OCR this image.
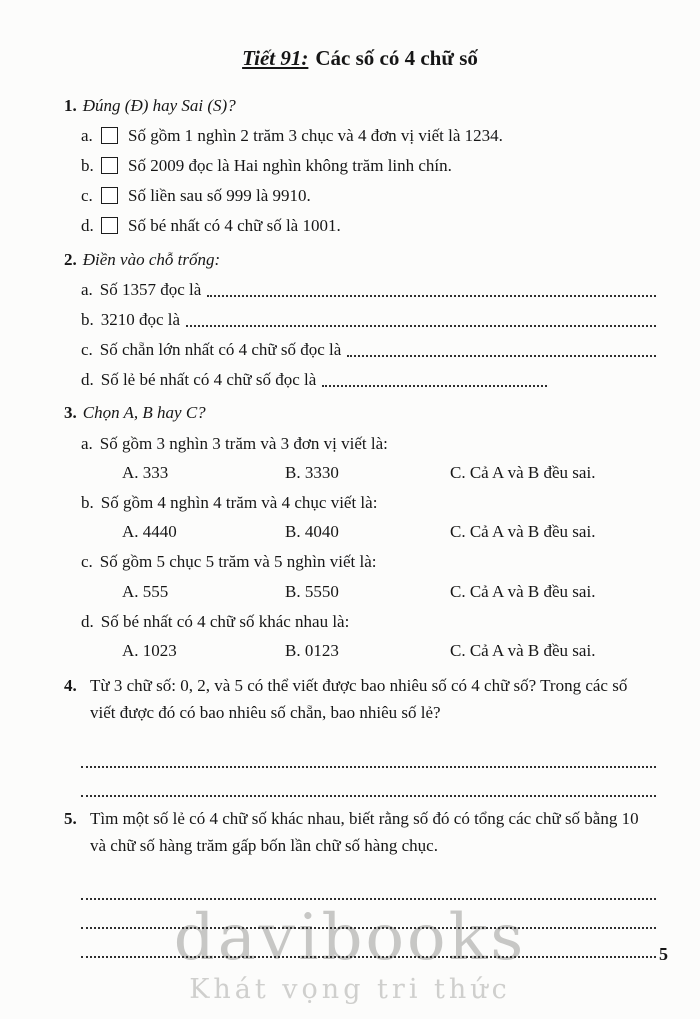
Tiết 91: Các số có 4 chữ số
1. Đúng (Đ) hay Sai (S)?
a.	Số gồm 1 nghìn 2 trăm 3 chục và 4 đơn vị viết là 1234.
b.	Số 2009 đọc là Hai nghìn không trăm linh chín.
c.	Số liền sau số 999 là 9910.
d.	Số bé nhất có 4 chữ số là 1001.
2. Điền vào chỗ trống:
a. Số 1357 đọc là
b. 3210 đọc là
c. Số chẵn lớn nhất có 4 chữ số đọc là
d. Số lẻ bé nhất có 4 chữ số đọc là
3. Chọn A, B hay C?
a. Số gồm 3 nghìn 3 trăm và 3 đơn vị viết là:
A. 333	B. 3330	C. Cả A và B đều sai.
b. Số gồm 4 nghìn 4 trăm và 4 chục viết là:
A. 4440	B. 4040	C. Cả A và B đều sai.
c. Số gồm 5 chục 5 trăm và 5 nghìn viết là:
A. 555	B. 5550	C. Cả A và B đều sai.
d. Số bé nhất có 4 chữ số khác nhau là:
A. 1023	B. 0123	C. Cả A và B đều sai.
4. Từ 3 chữ số: 0, 2, và 5 có thể viết được bao nhiêu số có 4 chữ số? Trong các số viết được đó có bao nhiêu số chẵn, bao nhiêu số lẻ?
5. Tìm một số lẻ có 4 chữ số khác nhau, biết rằng số đó có tổng các chữ số bằng 10 và chữ số hàng trăm gấp bốn lần chữ số hàng chục.
5
davibooks
Khát vọng tri thức
